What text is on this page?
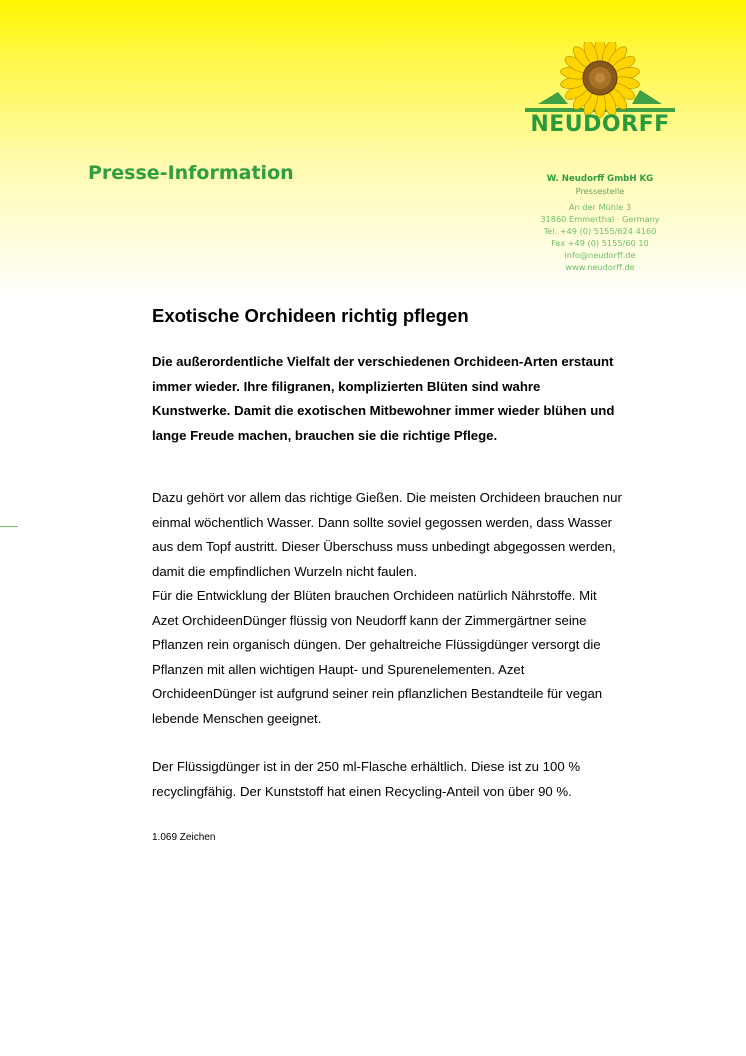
NEUDORFF
Presse-Information	W. Neudorff GmbH KG
Pressestelle
An der Mühle 3
31860 Emmerthal · Germany
Tel. +49 (0) 5155/624 4160
Fax +49 (0) 5155/60 10
info@neudorff.de
www.neudorff.de
Exotische Orchideen richtig pflegen

Die außerordentliche Vielfalt der verschiedenen Orchideen-Arten erstaunt immer wieder. Ihre filigranen, komplizierten Blüten sind wahre Kunstwerke. Damit die exotischen Mitbewohner immer wieder blühen und lange Freude machen, brauchen sie die richtige Pflege.

Dazu gehört vor allem das richtige Gießen. Die meisten Orchideen brauchen nur einmal wöchentlich Wasser. Dann sollte soviel gegossen werden, dass Wasser aus dem Topf austritt. Dieser Überschuss muss unbedingt abgegossen werden, damit die empfindlichen Wurzeln nicht faulen.

Für die Entwicklung der Blüten brauchen Orchideen natürlich Nährstoffe. Mit Azet OrchideenDünger flüssig von Neudorff kann der Zimmergärtner seine Pflanzen rein organisch düngen. Der gehaltreiche Flüssigdünger versorgt die Pflanzen mit allen wichtigen Haupt- und Spurenelementen. Azet OrchideenDünger ist aufgrund seiner rein pflanzlichen Bestandteile für vegan lebende Menschen geeignet.

Der Flüssigdünger ist in der 250 ml-Flasche erhältlich. Diese ist zu 100 % recyclingfähig. Der Kunststoff hat einen Recycling-Anteil von über 90 %.

1.069 Zeichen
